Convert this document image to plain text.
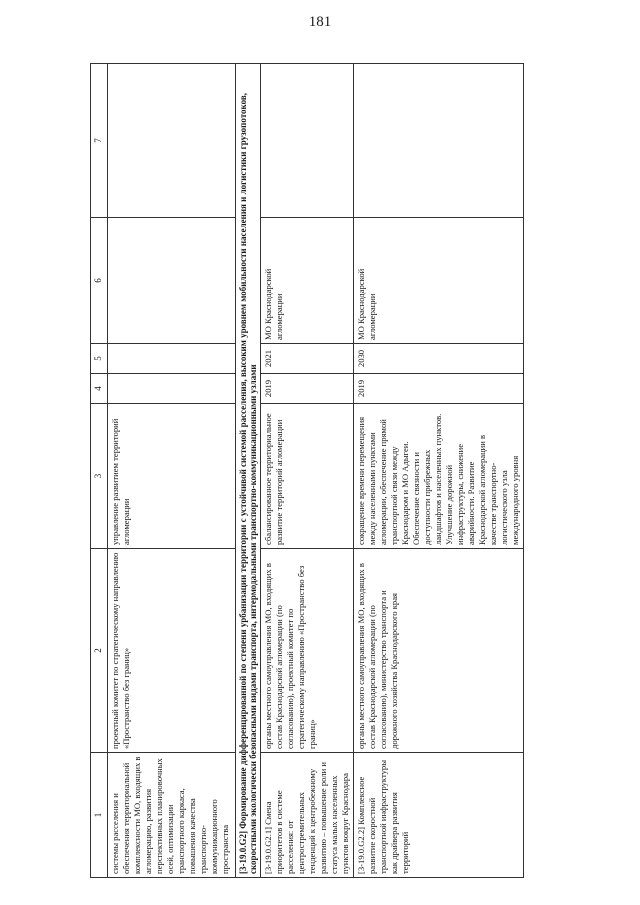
181
1	2	3	4	5	6	7
системы расселения и обеспечения территориальной комплексности МО, входящих в агломерацию, развития перспективных планировочных осей, оптимизации транспортного каркаса, повышения качества транспортно-коммуникационного пространства	проектный комитет по стратегическому направлению «Пространство без границ»	управление развитием территорий агломерации				
[3-19.0.G2] Формирование дифференцированной по степени урбанизации территории с устойчивой системой расселения, высоким уровнем мобильности населения и логистики грузопотоков, скоростными экологически безопасными видами транспорта, интермодальными транспортно-коммуникационными узлами						
[3-19.0.G2.1] Смена приоритетов в системе расселения: от центростремительных тенденций к центробежному развитию – повышение роли и статуса малых населенных пунктов вокруг Краснодара	органы местного самоуправления МО, входящих в состав Краснодарской агломерации (по согласованию), проектный комитет по стратегическому направлению «Пространство без границ»	сбалансированное территориальное развитие территорий агломерации	2019	2021	МО Краснодарской агломерации	
[3-19.0.G2.2] Комплексное развитие скоростной транспортной инфраструктуры как драйвера развития территорий	органы местного самоуправления МО, входящих в состав Краснодарской агломерации (по согласованию), министерство транспорта и дорожного хозяйства Краснодарского края	сокращение времени перемещения между населенными пунктами агломерации, обеспечение прямой транспортной связи между Краснодаром и МО Адыгеи. Обеспечение связности и доступности прибрежных ландшафтов и населенных пунктов. Улучшение дорожной инфраструктуры, снижение аварийности. Развитие Краснодарской агломерации в качестве транспортно-логистического узла международного уровня	2019	2030	МО Краснодарской агломерации	
